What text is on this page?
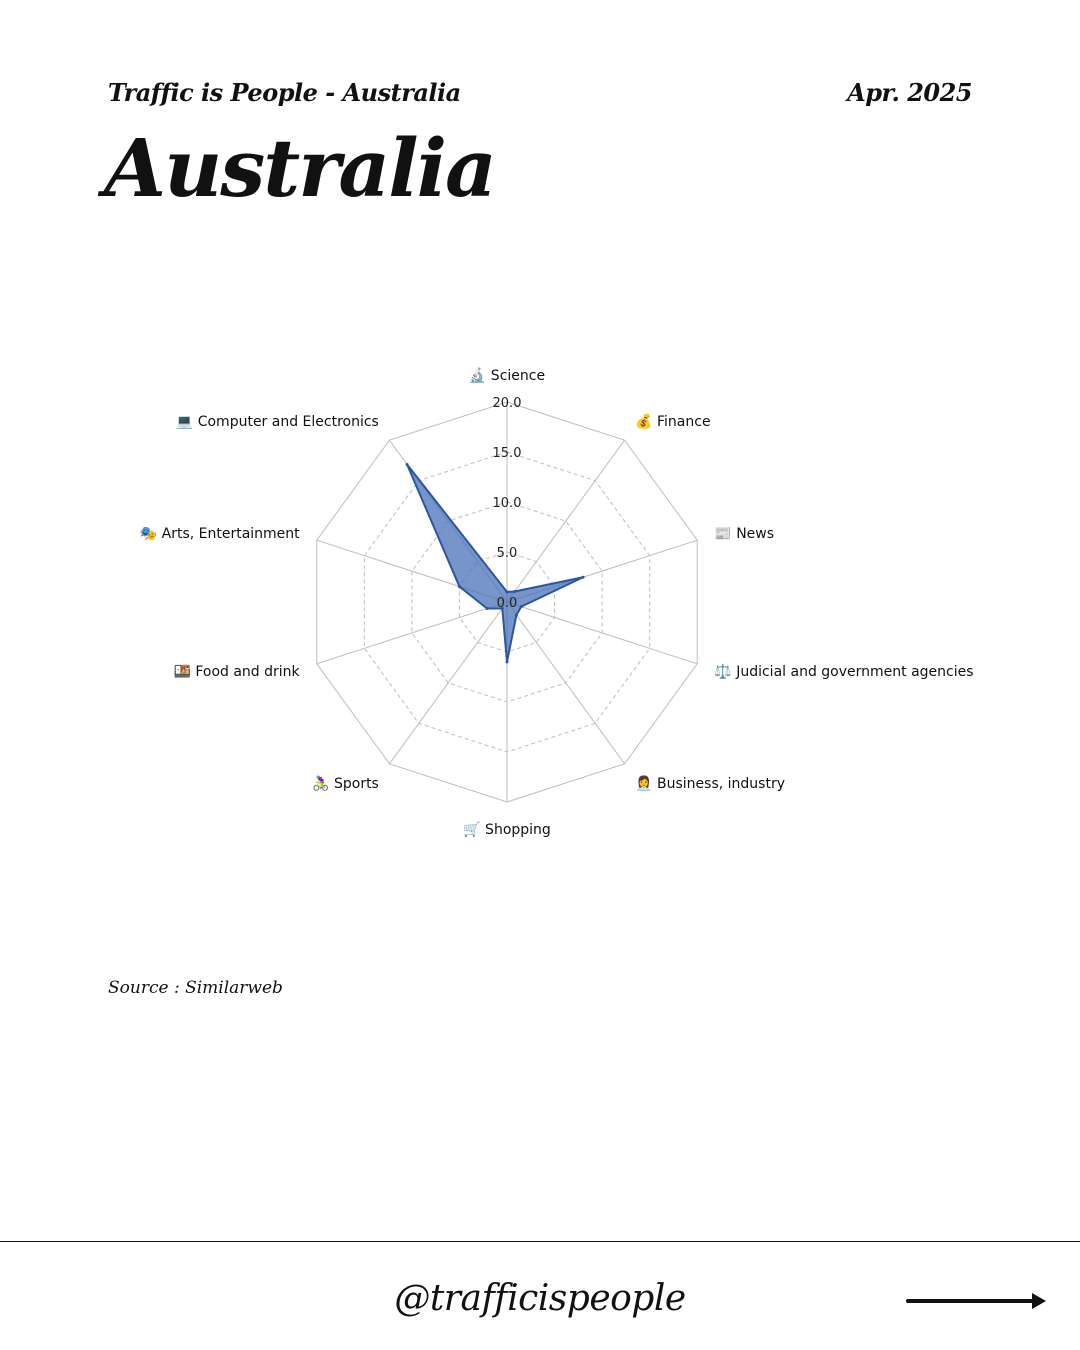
Traffic is People - Australia	Apr. 2025
Australia
0.0
5.0
10.0
15.0
20.0
🔬 Science
💰 Finance
📰 News
⚖️ Judicial and government agencies
👩‍💼 Business, industry
🛒 Shopping
🚴‍♀️ Sports
🍱 Food and drink
🎭 Arts, Entertainment
💻 Computer and Electronics
Source : Similarweb
@trafficispeople
